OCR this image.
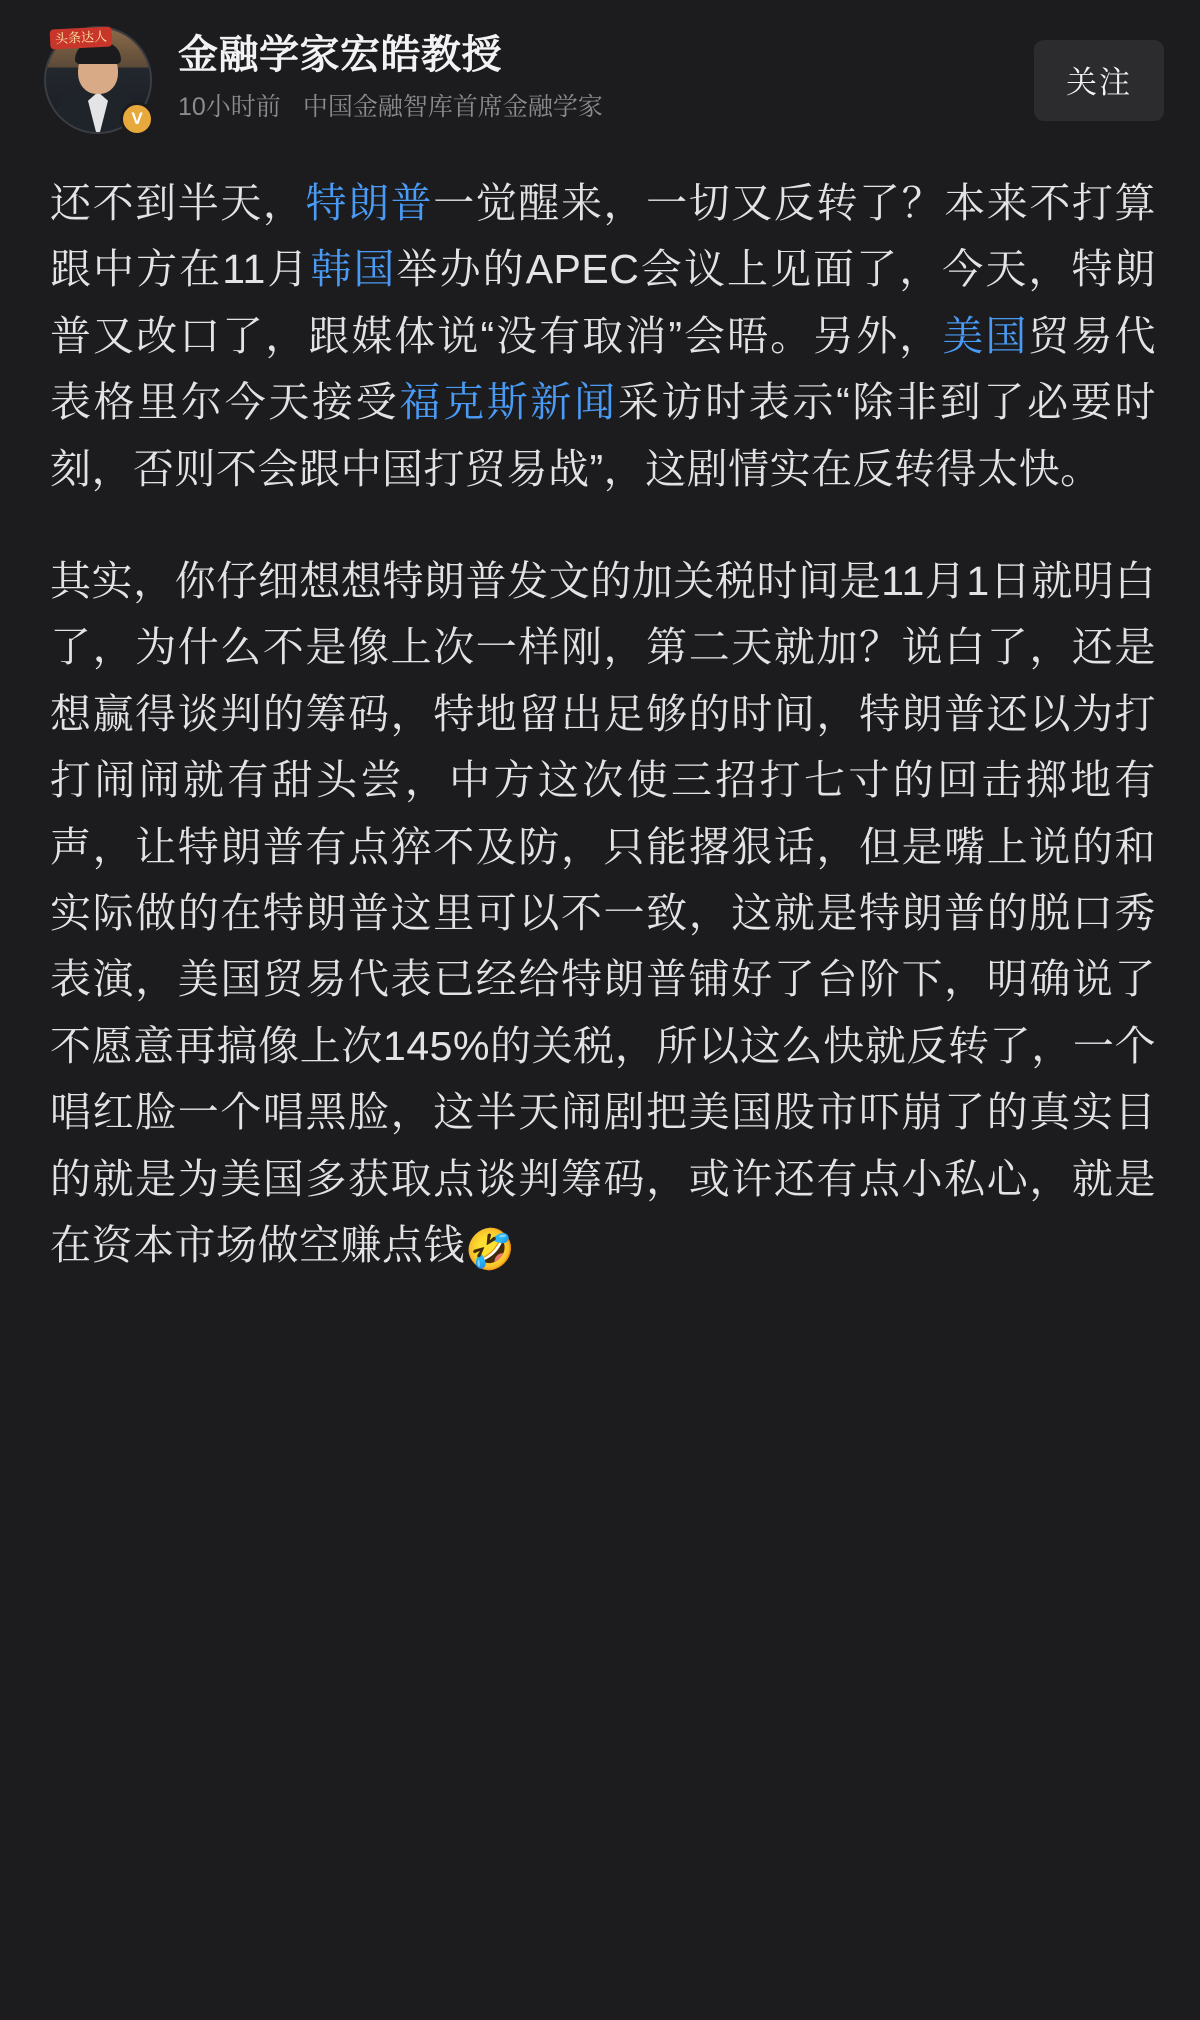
头条达人
V
金融学家宏皓教授
10小时前 中国金融智库首席金融学家
关注

还不到半天，特朗普一觉醒来，一切又反转了？本来不打算跟中方在11月韩国举办的APEC会议上见面了，今天，特朗普又改口了，跟媒体说“没有取消”会晤。另外，美国贸易代表格里尔今天接受福克斯新闻采访时表示“除非到了必要时刻，否则不会跟中国打贸易战”，这剧情实在反转得太快。

其实，你仔细想想特朗普发文的加关税时间是11月1日就明白了，为什么不是像上次一样刚，第二天就加？说白了，还是想赢得谈判的筹码，特地留出足够的时间，特朗普还以为打打闹闹就有甜头尝，中方这次使三招打七寸的回击掷地有声，让特朗普有点猝不及防，只能撂狠话，但是嘴上说的和实际做的在特朗普这里可以不一致，这就是特朗普的脱口秀表演，美国贸易代表已经给特朗普铺好了台阶下，明确说了不愿意再搞像上次145%的关税，所以这么快就反转了，一个唱红脸一个唱黑脸，这半天闹剧把美国股市吓崩了的真实目的就是为美国多获取点谈判筹码，或许还有点小私心，就是在资本市场做空赚点钱🤣
